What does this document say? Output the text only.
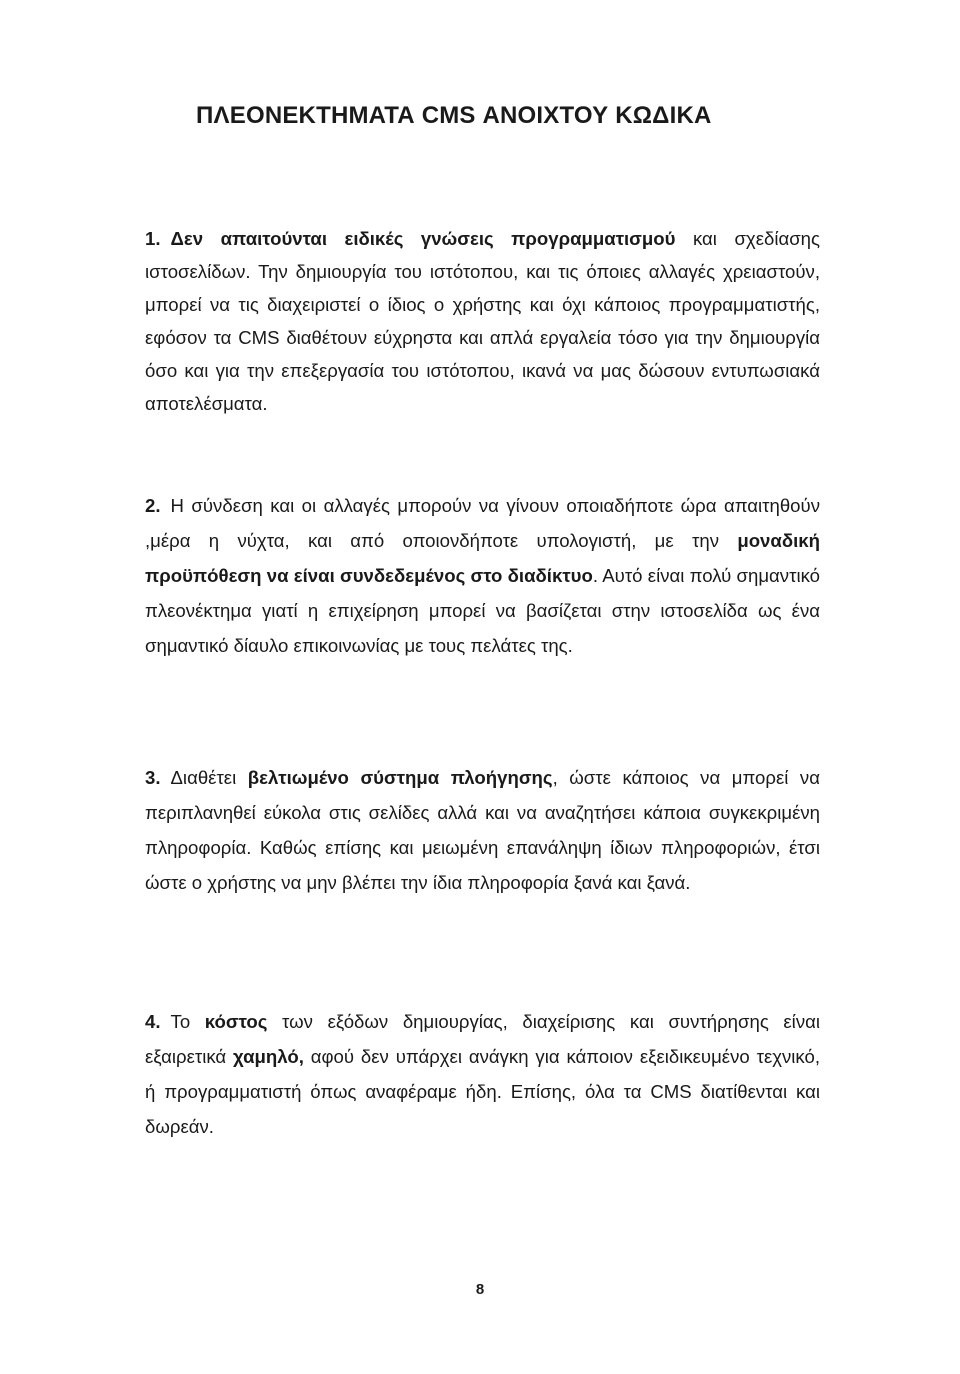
ΠΛΕΟΝΕΚΤΗΜΑΤΑ CMS ΑΝΟΙΧΤΟΥ ΚΩΔΙΚΑ

1. Δεν απαιτούνται ειδικές γνώσεις προγραμματισμού και σχεδίασης ιστοσελίδων. Την δημιουργία του ιστότοπου, και τις όποιες αλλαγές χρειαστούν, μπορεί να τις διαχειριστεί ο ίδιος ο χρήστης και όχι κάποιος προγραμματιστής, εφόσον τα CMS διαθέτουν εύχρηστα και απλά εργαλεία τόσο για την δημιουργία όσο και για την επεξεργασία του ιστότοπου, ικανά να μας δώσουν εντυπωσιακά αποτελέσματα.

2. Η σύνδεση και οι αλλαγές μπορούν να γίνουν οποιαδήποτε ώρα απαιτηθούν ,μέρα η νύχτα, και από οποιονδήποτε υπολογιστή, με την μοναδική προϋπόθεση να είναι συνδεδεμένος στο διαδίκτυο. Αυτό είναι πολύ σημαντικό πλεονέκτημα γιατί η επιχείρηση μπορεί να βασίζεται στην ιστοσελίδα ως ένα σημαντικό δίαυλο επικοινωνίας με τους πελάτες της.

3. Διαθέτει βελτιωμένο σύστημα πλοήγησης, ώστε κάποιος να μπορεί να περιπλανηθεί εύκολα στις σελίδες αλλά και να αναζητήσει κάποια συγκεκριμένη πληροφορία. Καθώς επίσης και μειωμένη επανάληψη ίδιων πληροφοριών, έτσι ώστε ο χρήστης να μην βλέπει την ίδια πληροφορία ξανά και ξανά.

4. Το κόστος των εξόδων δημιουργίας, διαχείρισης και συντήρησης είναι εξαιρετικά χαμηλό, αφού δεν υπάρχει ανάγκη για κάποιον εξειδικευμένο τεχνικό, ή προγραμματιστή όπως αναφέραμε ήδη. Επίσης, όλα τα CMS διατίθενται και δωρεάν.

8
